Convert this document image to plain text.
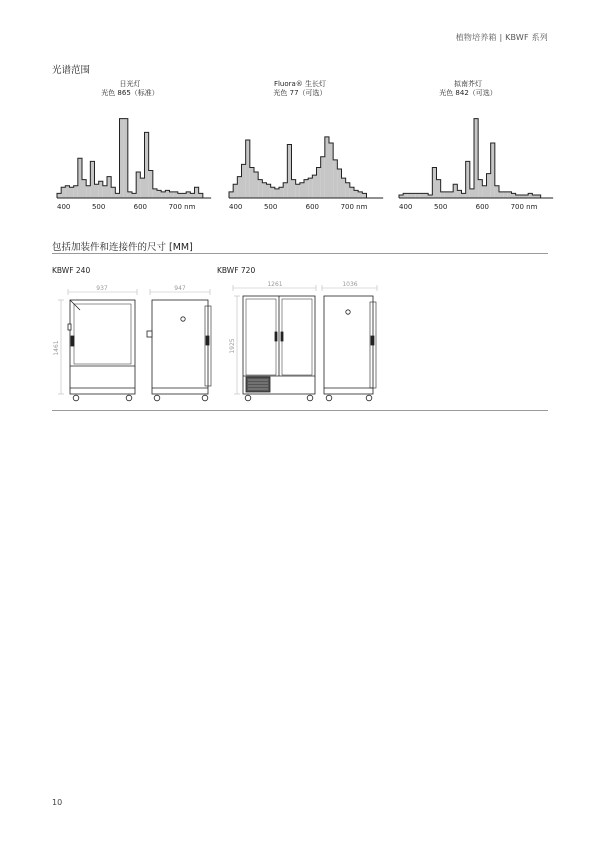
植物培养箱 | KBWF 系列
光谱范围
日光灯
光色 865（标准）
Fluora® 生长灯
光色 77（可选）
拟南芥灯
光色 842（可选）
400	500	600	700 nm	400	500	600	700 nm	400	500	600	700 nm
包括加装件和连接件的尺寸 [MM]
KBWF 240	KBWF 720
937	947
1461
1261	1036
1925
10
